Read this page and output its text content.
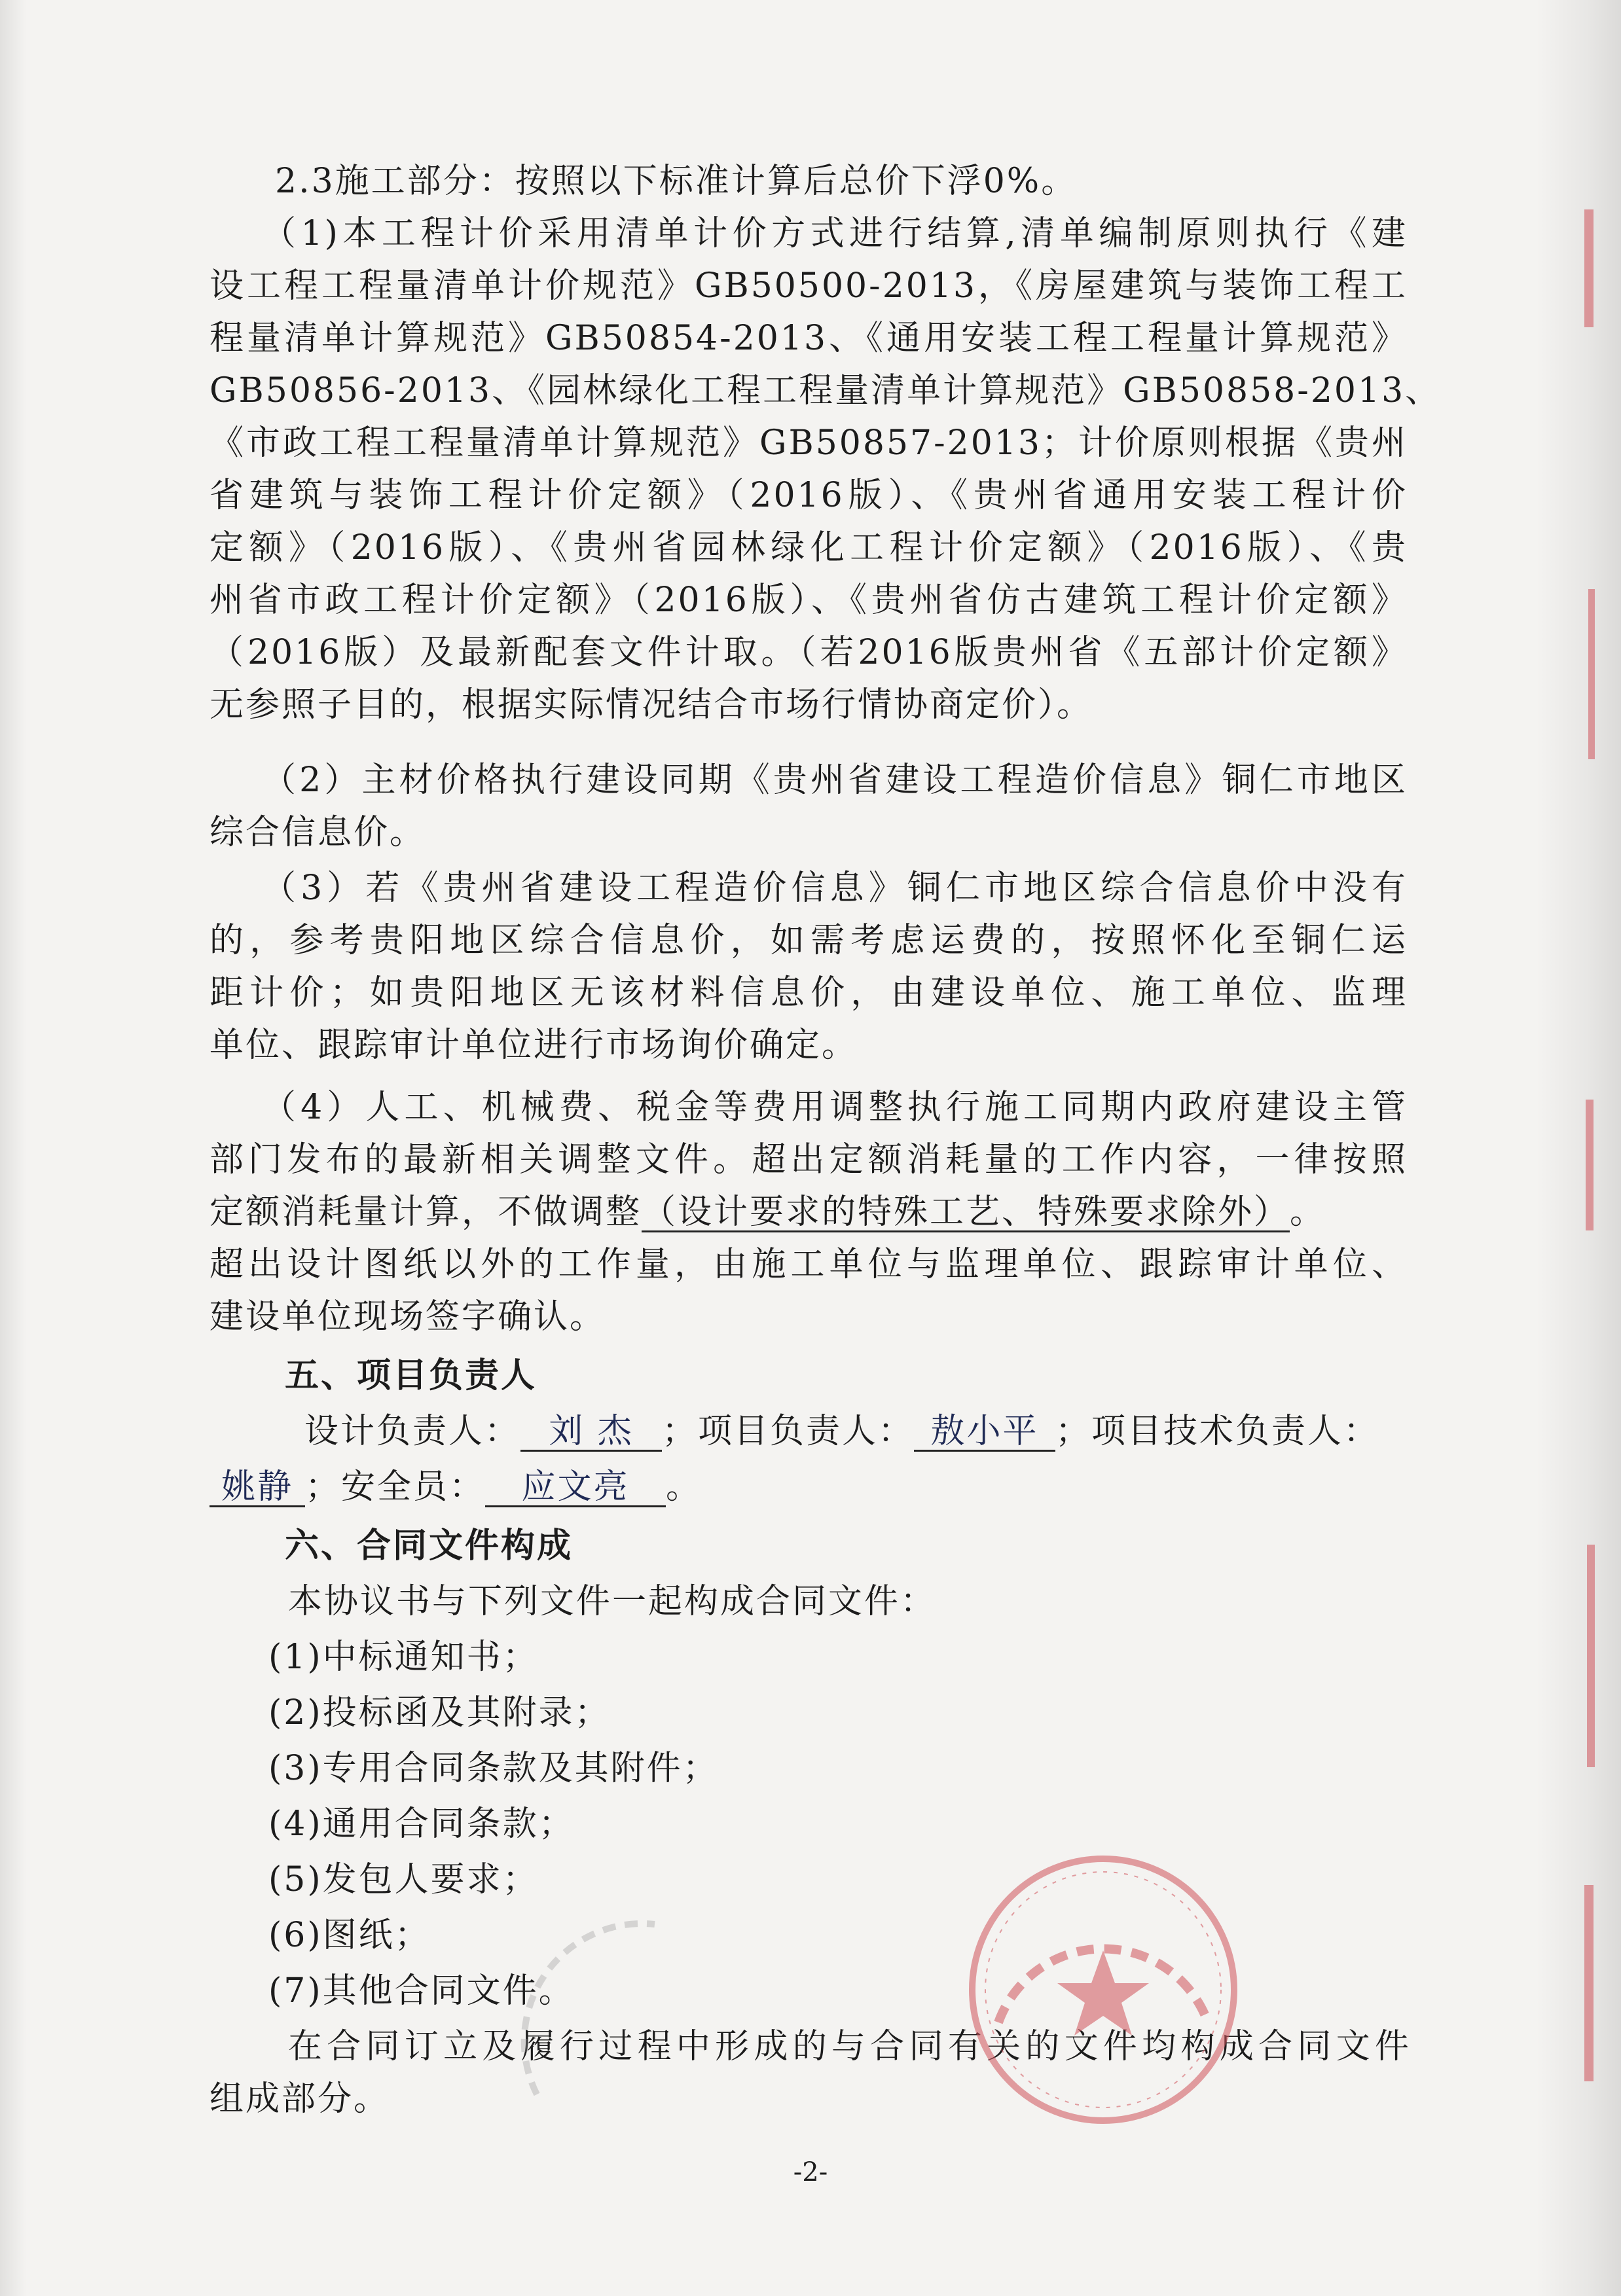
2.3施工部分：按照以下标准计算后总价下浮0%。
（1)本工程计价采用清单计价方式进行结算,清单编制原则执行《建
设工程工程量清单计价规范》GB50500-2013，《房屋建筑与装饰工程工
程量清单计算规范》GB50854-2013、《通用安装工程工程量计算规范》
GB50856-2013、《园林绿化工程工程量清单计算规范》GB50858-2013、
《市政工程工程量清单计算规范》GB50857-2013；计价原则根据《贵州
省建筑与装饰工程计价定额》（2016版）、《贵州省通用安装工程计价
定额》（2016版）、《贵州省园林绿化工程计价定额》（2016版）、《贵
州省市政工程计价定额》（2016版）、《贵州省仿古建筑工程计价定额》
（2016版）及最新配套文件计取。（若2016版贵州省《五部计价定额》
无参照子目的，根据实际情况结合市场行情协商定价）。
（2）主材价格执行建设同期《贵州省建设工程造价信息》铜仁市地区
综合信息价。
（3）若《贵州省建设工程造价信息》铜仁市地区综合信息价中没有
的，参考贵阳地区综合信息价，如需考虑运费的，按照怀化至铜仁运
距计价；如贵阳地区无该材料信息价，由建设单位、施工单位、监理
单位、跟踪审计单位进行市场询价确定。
（4）人工、机械费、税金等费用调整执行施工同期内政府建设主管
部门发布的最新相关调整文件。超出定额消耗量的工作内容，一律按照
定额消耗量计算，不做调整（设计要求的特殊工艺、特殊要求除外）。
超出设计图纸以外的工作量，由施工单位与监理单位、跟踪审计单位、
建设单位现场签字确认。
五、项目负责人
设计负责人： 刘 杰 ；项目负责人： 敖小平 ；项目技术负责人：
姚静 ；安全员： 应文亮 。
六、合同文件构成
本协议书与下列文件一起构成合同文件：
(1)中标通知书；
(2)投标函及其附录；
(3)专用合同条款及其附件；
(4)通用合同条款；
(5)发包人要求；
(6)图纸；
(7)其他合同文件。
在合同订立及履行过程中形成的与合同有关的文件均构成合同文件
组成部分。
-2-
